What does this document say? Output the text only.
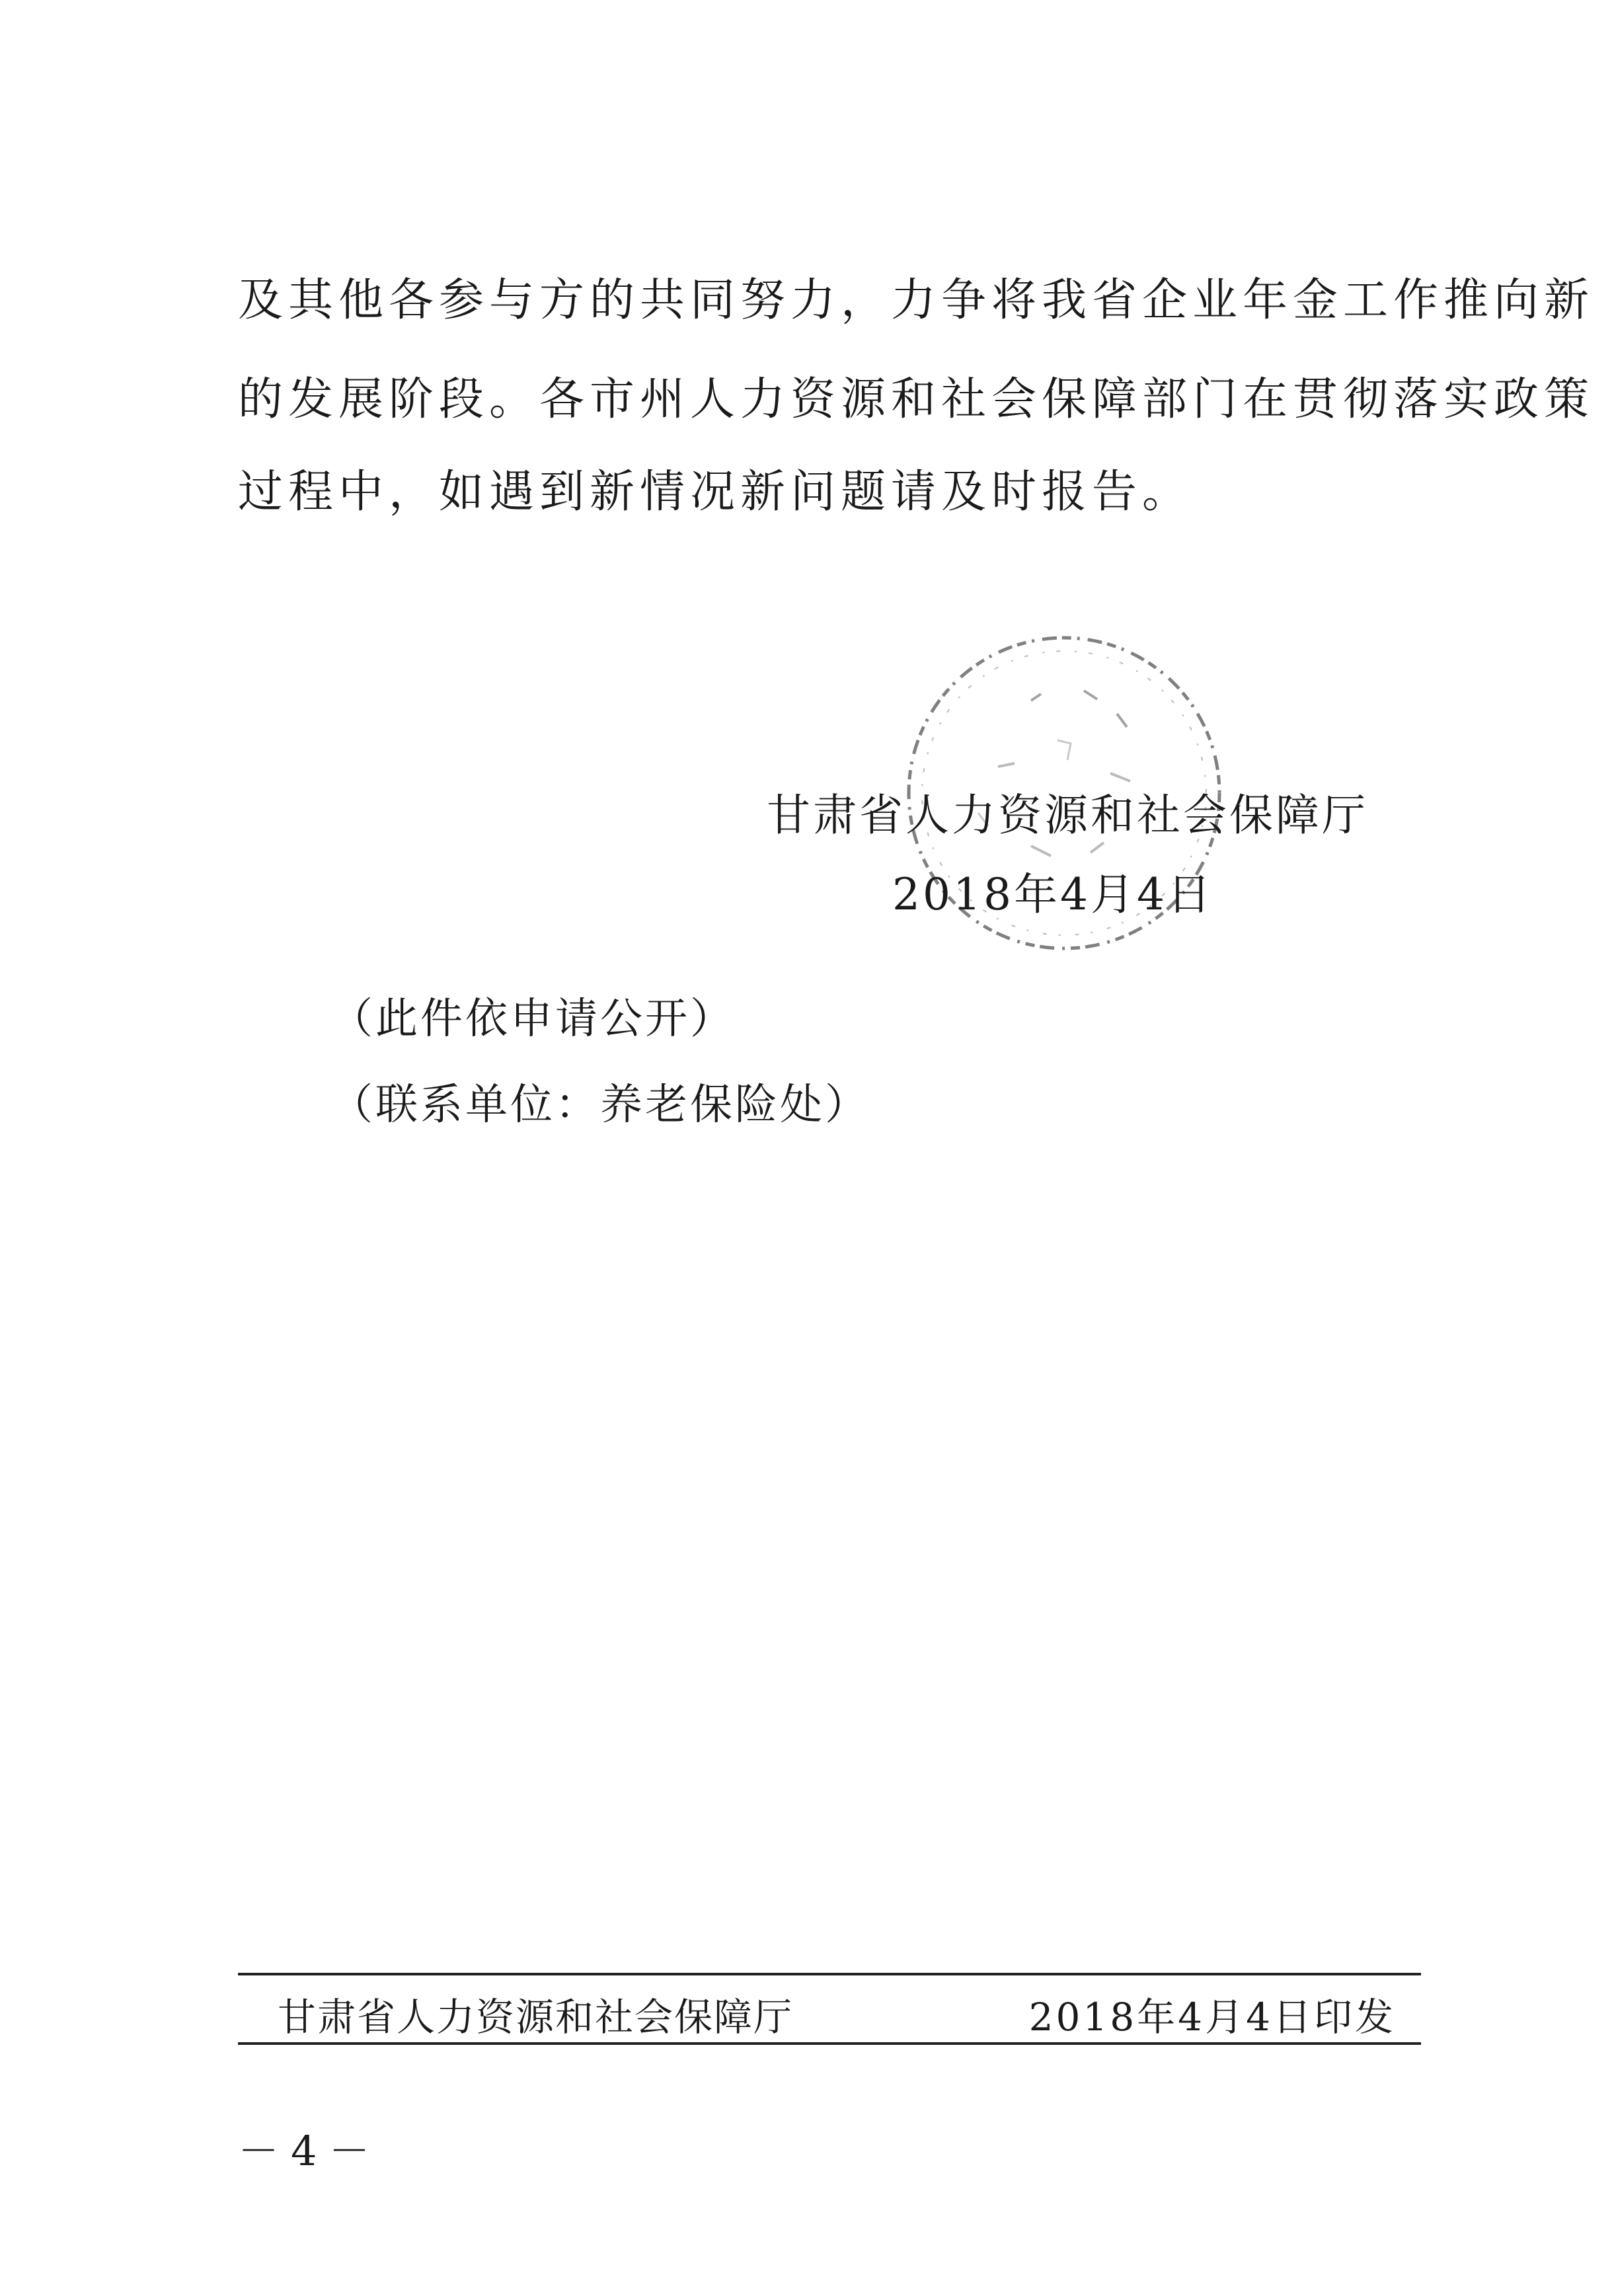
及其他各参与方的共同努力，力争将我省企业年金工作推向新
的发展阶段。各市州人力资源和社会保障部门在贯彻落实政策
过程中，如遇到新情况新问题请及时报告。
甘肃省人力资源和社会保障厅
2018年4月4日
（此件依申请公开）
（联系单位：养老保险处）
甘肃省人力资源和社会保障厅	2018年4月4日印发
－4－
